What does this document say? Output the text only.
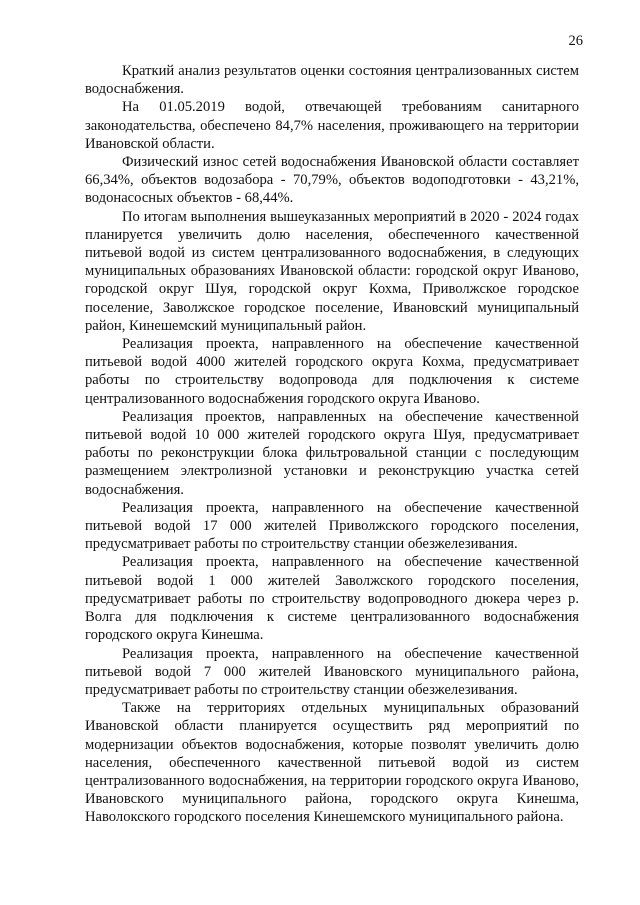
26

Краткий анализ результатов оценки состояния централизованных систем водоснабжения.

На 01.05.2019 водой, отвечающей требованиям санитарного законодательства, обеспечено 84,7% населения, проживающего на территории Ивановской области.

Физический износ сетей водоснабжения Ивановской области составляет 66,34%, объектов водозабора - 70,79%, объектов водоподготовки - 43,21%, водонасосных объектов - 68,44%.

По итогам выполнения вышеуказанных мероприятий в 2020 - 2024 годах планируется увеличить долю населения, обеспеченного качественной питьевой водой из систем централизованного водоснабжения, в следующих муниципальных образованиях Ивановской области: городской округ Иваново, городской округ Шуя, городской округ Кохма, Приволжское городское поселение, Заволжское городское поселение, Ивановский муниципальный район, Кинешемский муниципальный район.

Реализация проекта, направленного на обеспечение качественной питьевой водой 4000 жителей городского округа Кохма, предусматривает работы по строительству водопровода для подключения к системе централизованного водоснабжения городского округа Иваново.

Реализация проектов, направленных на обеспечение качественной питьевой водой 10 000 жителей городского округа Шуя, предусматривает работы по реконструкции блока фильтровальной станции с последующим размещением электролизной установки и реконструкцию участка сетей водоснабжения.

Реализация проекта, направленного на обеспечение качественной питьевой водой 17 000 жителей Приволжского городского поселения, предусматривает работы по строительству станции обезжелезивания.

Реализация проекта, направленного на обеспечение качественной питьевой водой 1 000 жителей Заволжского городского поселения, предусматривает работы по строительству водопроводного дюкера через р. Волга для подключения к системе централизованного водоснабжения городского округа Кинешма.

Реализация проекта, направленного на обеспечение качественной питьевой водой 7 000 жителей Ивановского муниципального района, предусматривает работы по строительству станции обезжелезивания.

Также на территориях отдельных муниципальных образований Ивановской области планируется осуществить ряд мероприятий по модернизации объектов водоснабжения, которые позволят увеличить долю населения, обеспеченного качественной питьевой водой из систем централизованного водоснабжения, на территории городского округа Иваново, Ивановского муниципального района, городского округа Кинешма, Наволокского городского поселения Кинешемского муниципального района.
